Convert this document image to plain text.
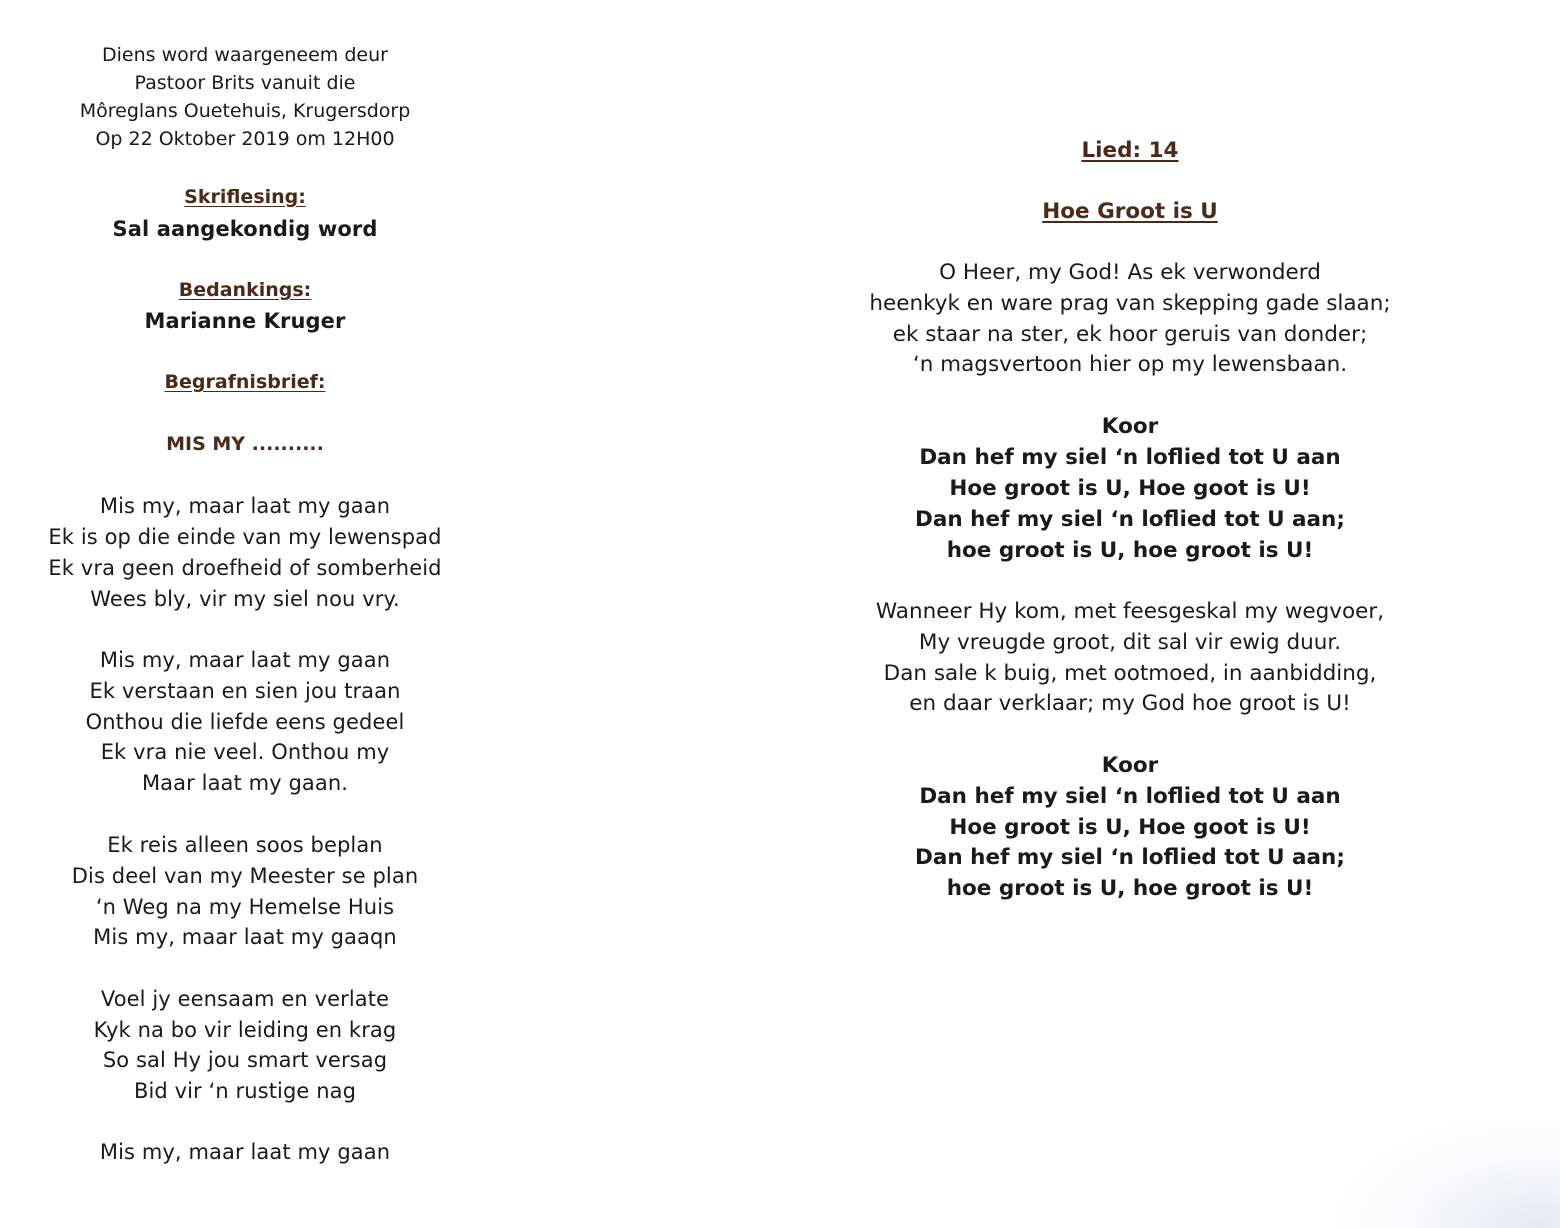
Diens word waargeneem deur
Pastoor Brits vanuit die
Môreglans Ouetehuis, Krugersdorp
Op 22 Oktober 2019 om 12H00
Skriflesing:
Sal aangekondig word
Bedankings:
Marianne Kruger
Begrafnisbrief:
MIS MY ..........
Mis my, maar laat my gaan
Ek is op die einde van my lewenspad
Ek vra geen droefheid of somberheid
Wees bly, vir my siel nou vry.
Mis my, maar laat my gaan
Ek verstaan en sien jou traan
Onthou die liefde eens gedeel
Ek vra nie veel. Onthou my
Maar laat my gaan.
Ek reis alleen soos beplan
Dis deel van my Meester se plan
‘n Weg na my Hemelse Huis
Mis my, maar laat my gaaqn
Voel jy eensaam en verlate
Kyk na bo vir leiding en krag
So sal Hy jou smart versag
Bid vir ‘n rustige nag
Mis my, maar laat my gaan
Lied: 14
Hoe Groot is U
O Heer, my God! As ek verwonderd
heenkyk en ware prag van skepping gade slaan;
ek staar na ster, ek hoor geruis van donder;
‘n magsvertoon hier op my lewensbaan.
Koor
Dan hef my siel ‘n loflied tot U aan
Hoe groot is U, Hoe goot is U!
Dan hef my siel ‘n loflied tot U aan;
hoe groot is U, hoe groot is U!
Wanneer Hy kom, met feesgeskal my wegvoer,
My vreugde groot, dit sal vir ewig duur.
Dan sale k buig, met ootmoed, in aanbidding,
en daar verklaar; my God hoe groot is U!
Koor
Dan hef my siel ‘n loflied tot U aan
Hoe groot is U, Hoe goot is U!
Dan hef my siel ‘n loflied tot U aan;
hoe groot is U, hoe groot is U!
